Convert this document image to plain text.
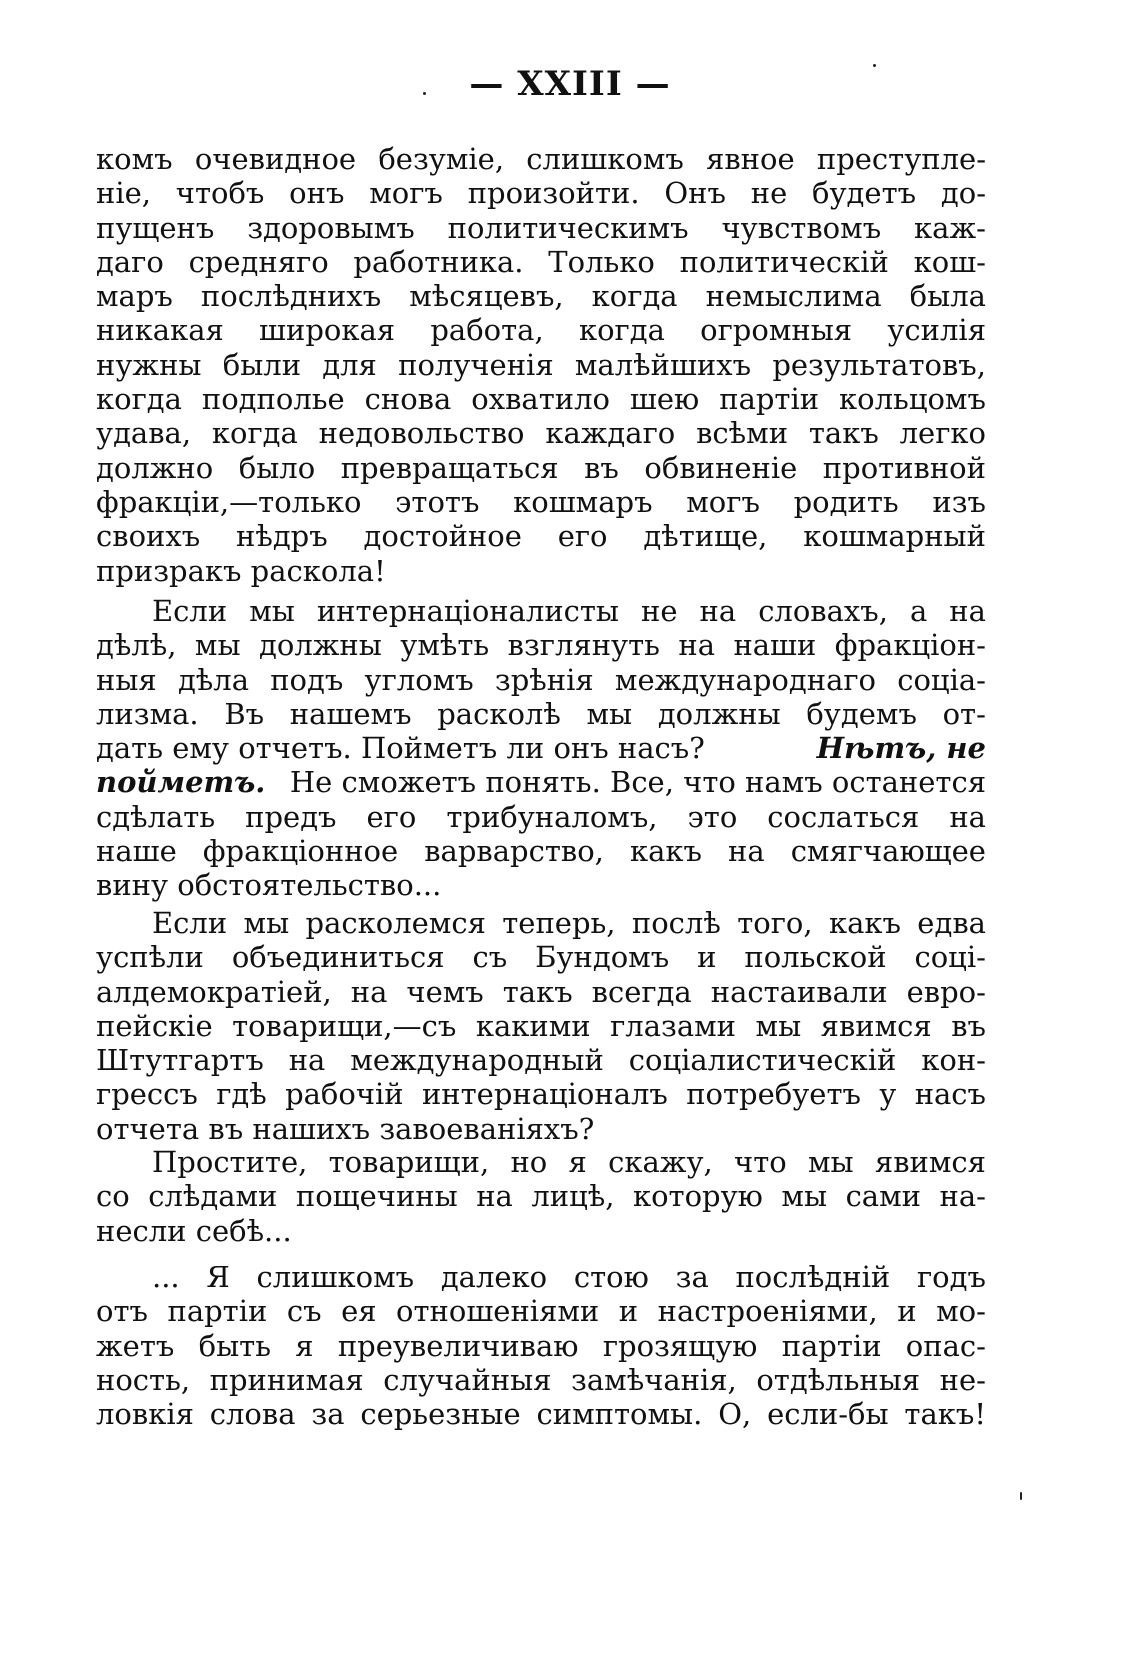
— XXIII —
комъ очевидное безумiе, слишкомъ явное преступле-
нiе, чтобъ онъ могъ произойти. Онъ не будетъ до-
пущенъ здоровымъ политическимъ чувствомъ каж-
даго средняго работника. Только политическiй кош-
маръ послѣднихъ мѣсяцевъ, когда немыслима была
никакая широкая работа, когда огромныя усилiя
нужны были для полученiя малѣйшихъ результатовъ,
когда подполье снова охватило шею партiи кольцомъ
удава, когда недовольство каждаго всѣми такъ легко
должно было превращаться въ обвиненiе противной
фракцiи,—только этотъ кошмаръ могъ родить изъ
своихъ нѣдръ достойное его дѣтище, кошмарный
призракъ раскола!
Если мы интернацiоналисты не на словахъ, а на
дѣлѣ, мы должны умѣть взглянуть на наши фракцiон-
ныя дѣла подъ угломъ зрѣнiя международнаго соцiа-
лизма. Въ нашемъ расколѣ мы должны будемъ от-
дать ему отчетъ. Пойметъ ли онъ насъ?	Нѣтъ, не
пойметъ. Не сможетъ понять. Все, что намъ останется
сдѣлать предъ его трибуналомъ, это сослаться на
наше фракцiонное варварство, какъ на смягчающее
вину обстоятельство...
Если мы расколемся теперь, послѣ того, какъ едва
успѣли объединиться съ Бундомъ и польской соцi-
алдемократiей, на чемъ такъ всегда настаивали евро-
пейскiе товарищи,—съ какими глазами мы явимся въ
Штутгартъ на международный соцiалистическiй кон-
грессъ гдѣ рабочiй интернацiоналъ потребуетъ у насъ
отчета въ нашихъ завоеванiяхъ?
Простите, товарищи, но я скажу, что мы явимся
со слѣдами пощечины на лицѣ, которую мы сами на-
несли себѣ...
... Я слишкомъ далеко стою за послѣднiй годъ
отъ партiи съ ея отношенiями и настроенiями, и мо-
жетъ быть я преувеличиваю грозящую партiи опас-
ность, принимая случайныя замѣчанiя, отдѣльныя не-
ловкiя слова за серьезные симптомы. О, если-бы такъ!
